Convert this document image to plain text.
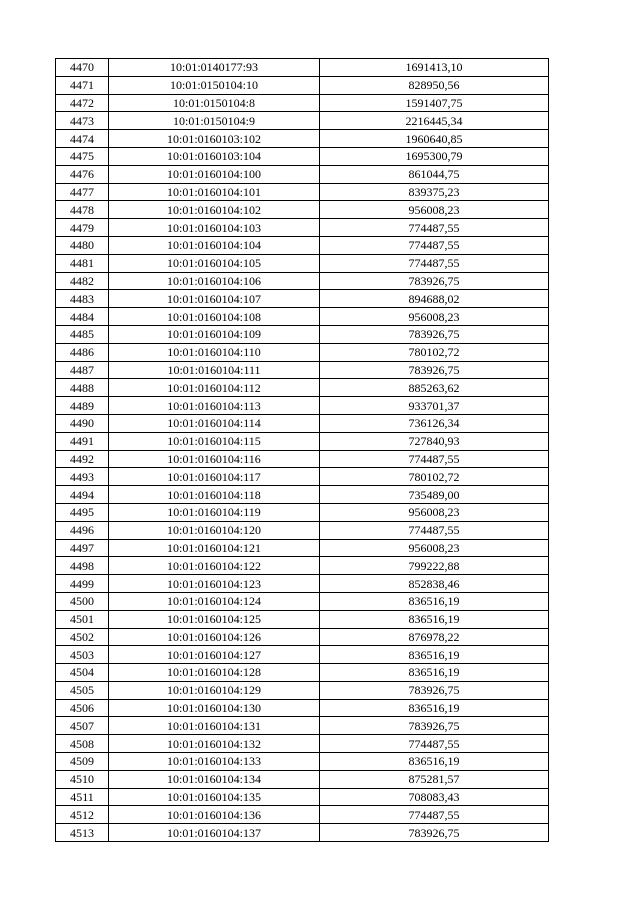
4470	10:01:0140177:93	1691413,10
4471	10:01:0150104:10	828950,56
4472	10:01:0150104:8	1591407,75
4473	10:01:0150104:9	2216445,34
4474	10:01:0160103:102	1960640,85
4475	10:01:0160103:104	1695300,79
4476	10:01:0160104:100	861044,75
4477	10:01:0160104:101	839375,23
4478	10:01:0160104:102	956008,23
4479	10:01:0160104:103	774487,55
4480	10:01:0160104:104	774487,55
4481	10:01:0160104:105	774487,55
4482	10:01:0160104:106	783926,75
4483	10:01:0160104:107	894688,02
4484	10:01:0160104:108	956008,23
4485	10:01:0160104:109	783926,75
4486	10:01:0160104:110	780102,72
4487	10:01:0160104:111	783926,75
4488	10:01:0160104:112	885263,62
4489	10:01:0160104:113	933701,37
4490	10:01:0160104:114	736126,34
4491	10:01:0160104:115	727840,93
4492	10:01:0160104:116	774487,55
4493	10:01:0160104:117	780102,72
4494	10:01:0160104:118	735489,00
4495	10:01:0160104:119	956008,23
4496	10:01:0160104:120	774487,55
4497	10:01:0160104:121	956008,23
4498	10:01:0160104:122	799222,88
4499	10:01:0160104:123	852838,46
4500	10:01:0160104:124	836516,19
4501	10:01:0160104:125	836516,19
4502	10:01:0160104:126	876978,22
4503	10:01:0160104:127	836516,19
4504	10:01:0160104:128	836516,19
4505	10:01:0160104:129	783926,75
4506	10:01:0160104:130	836516,19
4507	10:01:0160104:131	783926,75
4508	10:01:0160104:132	774487,55
4509	10:01:0160104:133	836516,19
4510	10:01:0160104:134	875281,57
4511	10:01:0160104:135	708083,43
4512	10:01:0160104:136	774487,55
4513	10:01:0160104:137	783926,75
